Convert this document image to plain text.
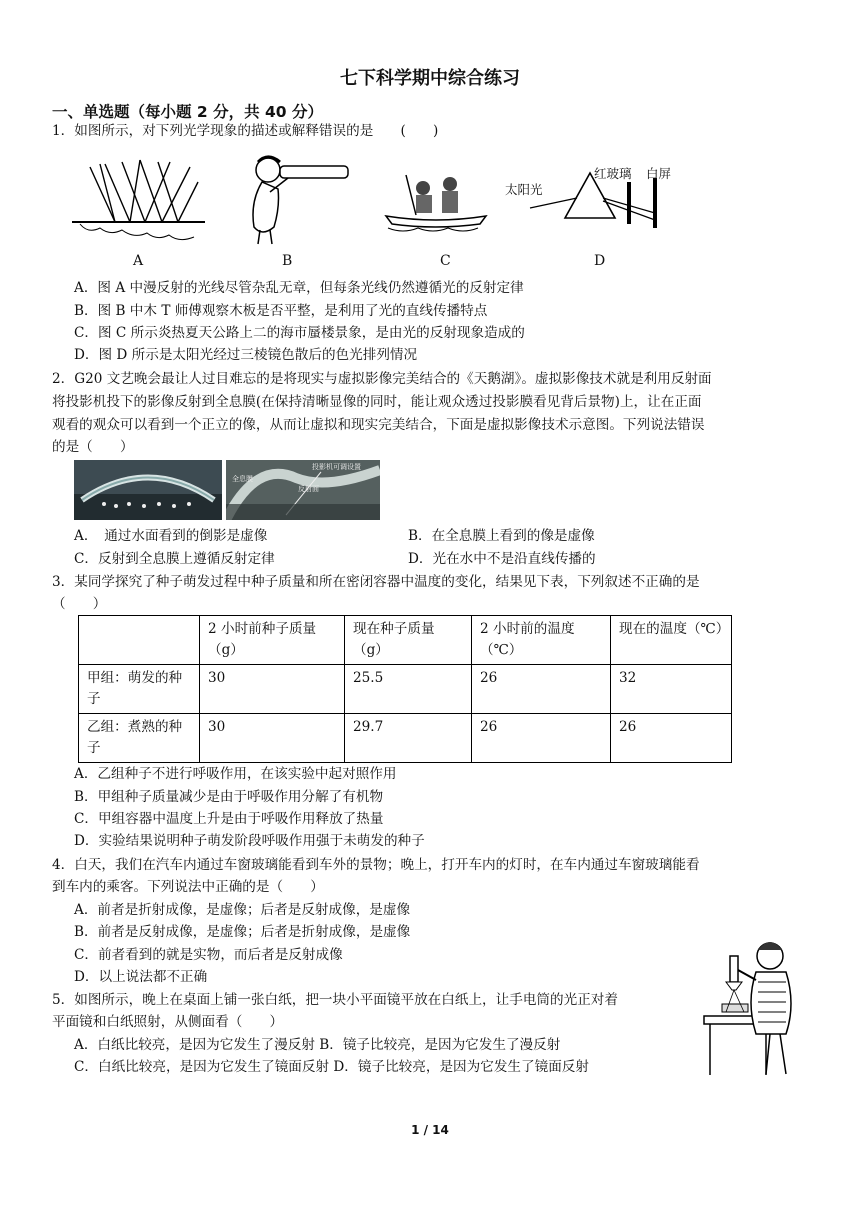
七下科学期中综合练习
一、单选题（每小题 2 分，共 40 分）
1．如图所示，对下列光学现象的描述或解释错误的是　　(　　)
太阳光
红玻璃 白屏
A	B	C	D
A．图 A 中漫反射的光线尽管杂乱无章，但每条光线仍然遵循光的反射定律
B．图 B 中木 T 师傅观察木板是否平整，是利用了光的直线传播特点
C．图 C 所示炎热夏天公路上二的海市蜃楼景象，是由光的反射现象造成的
D．图 D 所示是太阳光经过三棱镜色散后的色光排列情况
2．G20 文艺晚会最让人过目难忘的是将现实与虚拟影像完美结合的《天鹅湖》。虚拟影像技术就是利用反射面
将投影机投下的影像反射到全息膜(在保持清晰显像的同时，能让观众透过投影膜看见背后景物)上，让在正面
观看的观众可以看到一个正立的像，从而让虚拟和现实完美结合，下面是虚拟影像技术示意图。下列说法错误
的是（　　）
投影机可调设置
全息膜
反射面
A．　通过水面看到的倒影是虚像	B．在全息膜上看到的像是虚像
C．反射到全息膜上遵循反射定律	D．光在水中不是沿直线传播的
3．某同学探究了种子萌发过程中种子质量和所在密闭容器中温度的变化，结果见下表，下列叙述不正确的是
（　　）
	2 小时前种子质量（g）	现在种子质量（g）	2 小时前的温度（℃）	现在的温度（℃）
甲组：萌发的种子	30	25.5	26	32
乙组：煮熟的种子	30	29.7	26	26
A．乙组种子不进行呼吸作用，在该实验中起对照作用
B．甲组种子质量减少是由于呼吸作用分解了有机物
C．甲组容器中温度上升是由于呼吸作用释放了热量
D．实验结果说明种子萌发阶段呼吸作用强于未萌发的种子
4．白天，我们在汽车内通过车窗玻璃能看到车外的景物；晚上，打开车内的灯时，在车内通过车窗玻璃能看
到车内的乘客。下列说法中正确的是（　　）
A．前者是折射成像，是虚像；后者是反射成像，是虚像
B．前者是反射成像，是虚像；后者是折射成像，是虚像
C．前者看到的就是实物，而后者是反射成像
D．以上说法都不正确
5．如图所示，晚上在桌面上铺一张白纸，把一块小平面镜平放在白纸上，让手电筒的光正对着
平面镜和白纸照射，从侧面看（　　）
A．白纸比较亮，是因为它发生了漫反射 B．镜子比较亮，是因为它发生了漫反射
C．白纸比较亮，是因为它发生了镜面反射 D．镜子比较亮，是因为它发生了镜面反射
1 / 14
